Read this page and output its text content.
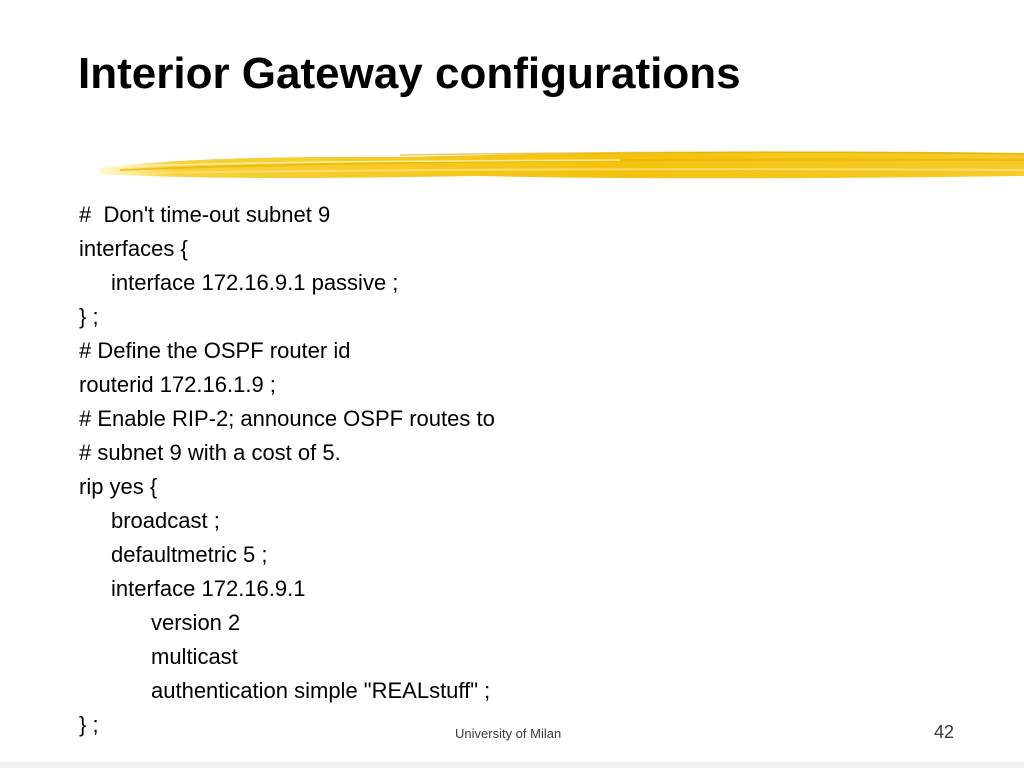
Interior Gateway configurations
#  Don't time-out subnet 9
interfaces {
interface 172.16.9.1 passive ;
} ;
# Define the OSPF router id
routerid 172.16.1.9 ;
# Enable RIP-2; announce OSPF routes to
# subnet 9 with a cost of 5.
rip yes {
broadcast ;
defaultmetric 5 ;
interface 172.16.9.1
version 2
multicast
authentication simple "REALstuff" ;
} ;	University of Milan	42
